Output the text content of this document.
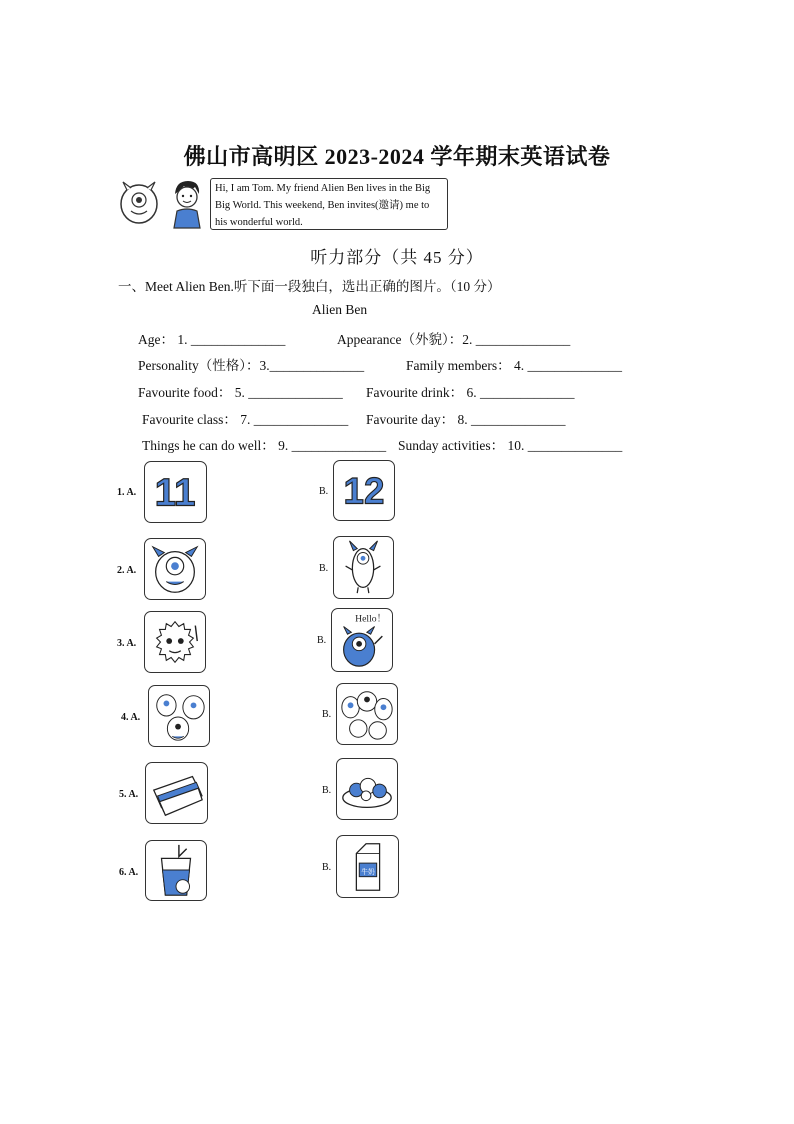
佛山市高明区 2023-2024 学年期末英语试卷
Hi, I am Tom. My friend Alien Ben lives in the Big Big World. This weekend, Ben invites(邀请) me to his wonderful world.
听力部分（共 45 分）
一、Meet Alien Ben.听下面一段独白，选出正确的图片。（10 分）
Alien Ben
Age： 1. ______________	Appearance（外貌）：2. ______________
Personality（性格）：3.______________	Family members： 4. ______________
Favourite food： 5. ______________ Favourite drink： 6. ______________
Favourite class： 7. ______________ Favourite day： 8. ______________
Things he can do well： 9. ______________ Sunday activities： 10. ______________
1. A. 11	B. 12
2. A.	B.
3. A.	B.
Hello！
4. A.	B.
5. A.	B.
6. A.	B.	牛奶
